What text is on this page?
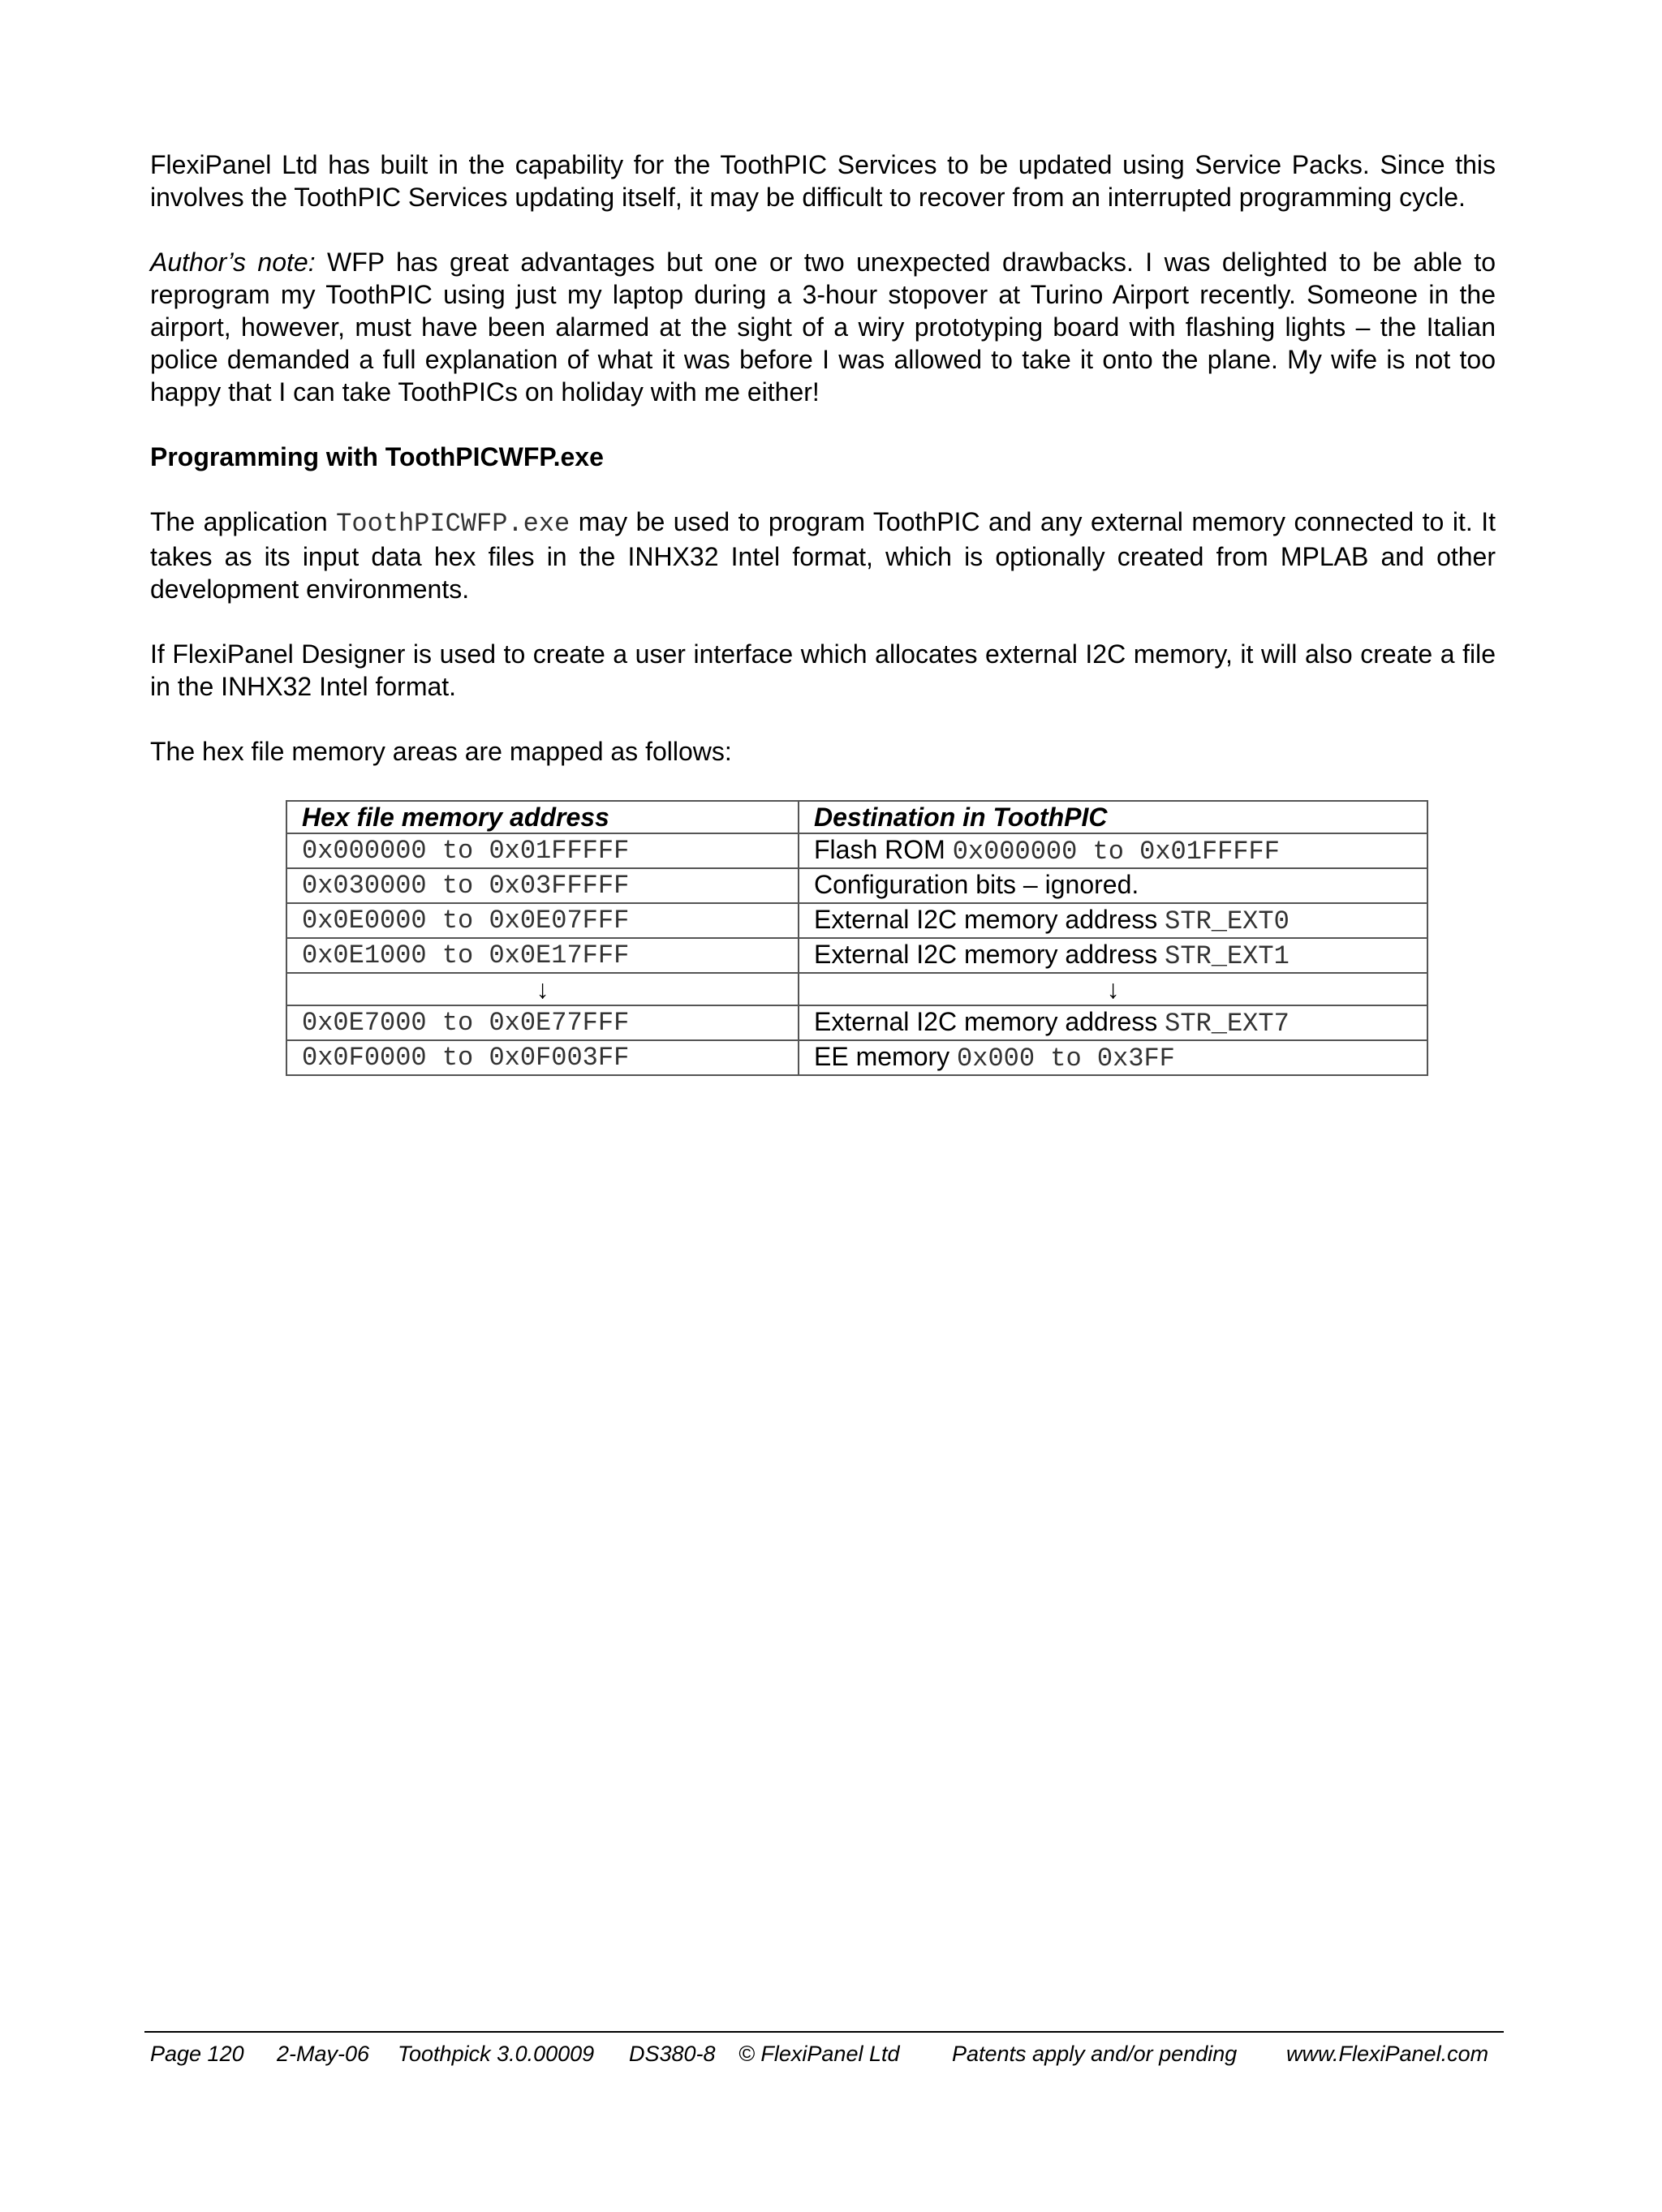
FlexiPanel Ltd has built in the capability for the ToothPIC Services to be updated using Service Packs. Since this involves the ToothPIC Services updating itself, it may be difficult to recover from an interrupted programming cycle.

Author’s note: WFP has great advantages but one or two unexpected drawbacks. I was delighted to be able to reprogram my ToothPIC using just my laptop during a 3-hour stopover at Turino Airport recently. Someone in the airport, however, must have been alarmed at the sight of a wiry prototyping board with flashing lights – the Italian police demanded a full explanation of what it was before I was allowed to take it onto the plane. My wife is not too happy that I can take ToothPICs on holiday with me either!

Programming with ToothPICWFP.exe

The application ToothPICWFP.exe may be used to program ToothPIC and any external memory connected to it. It takes as its input data hex files in the INHX32 Intel format, which is optionally created from MPLAB and other development environments.

If FlexiPanel Designer is used to create a user interface which allocates external I2C memory, it will also create a file in the INHX32 Intel format.

The hex file memory areas are mapped as follows:

Hex file memory address	Destination in ToothPIC
0x000000 to 0x01FFFFF	Flash ROM 0x000000 to 0x01FFFFF
0x030000 to 0x03FFFFF	Configuration bits – ignored.
0x0E0000 to 0x0E07FFF	External I2C memory address STR_EXT0
0x0E1000 to 0x0E17FFF	External I2C memory address STR_EXT1
↓	↓
0x0E7000 to 0x0E77FFF	External I2C memory address STR_EXT7
0x0F0000 to 0x0F003FF	EE memory 0x000 to 0x3FF
Page 120 2-May-06 Toothpick 3.0.00009 DS380-8 © FlexiPanel Ltd Patents apply and/or pending www.FlexiPanel.com
